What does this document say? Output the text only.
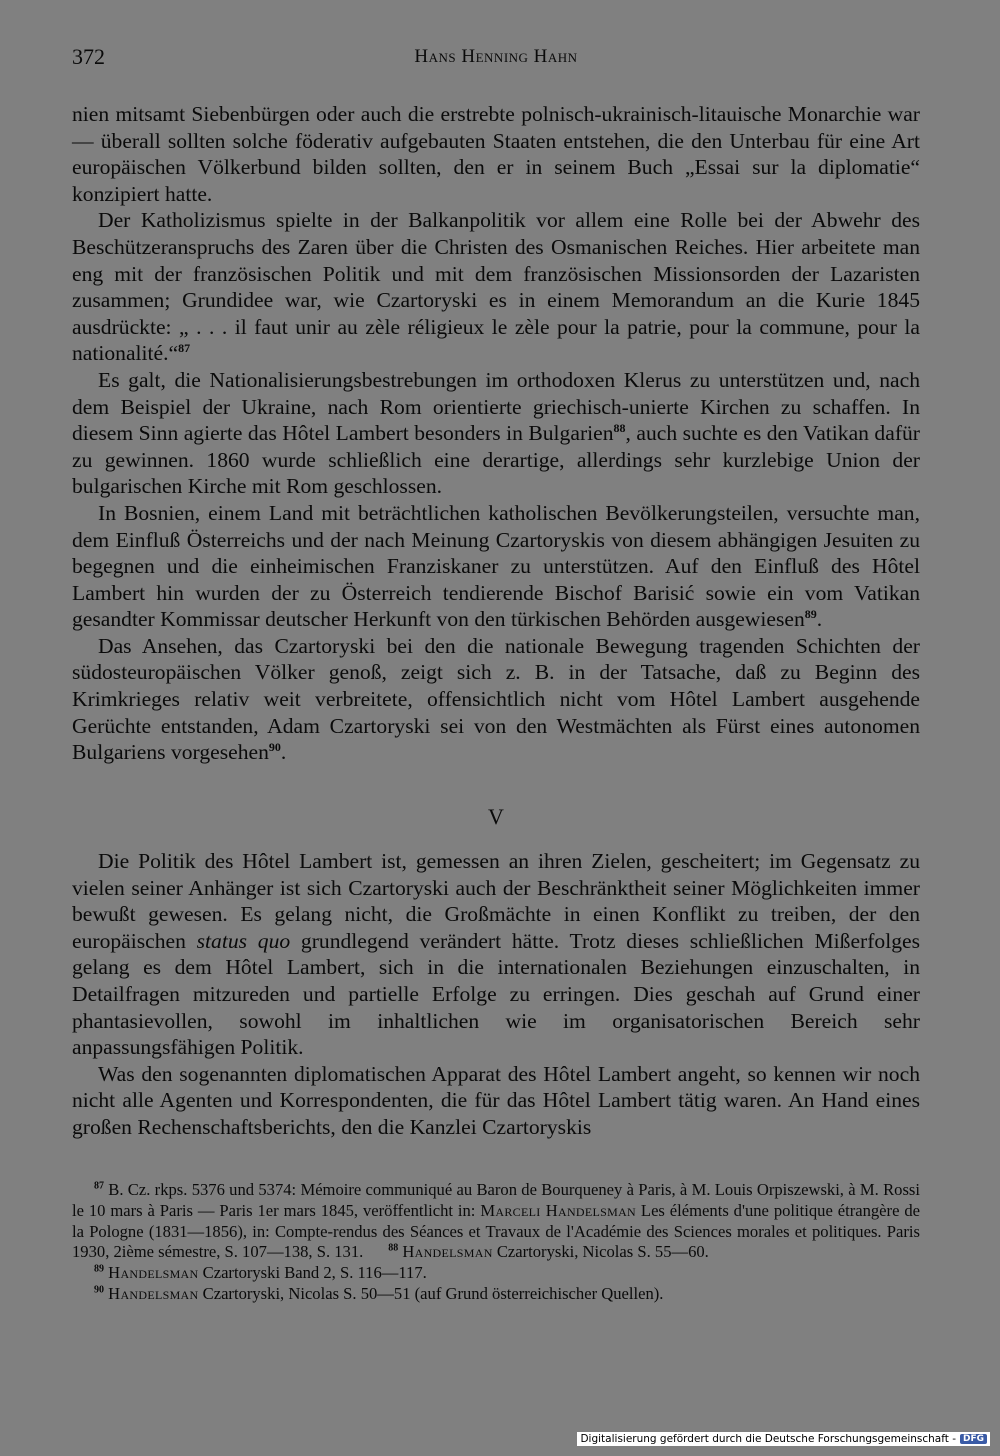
372	Hans Henning Hahn

nien mitsamt Siebenbürgen oder auch die erstrebte polnisch-ukrainisch-litauische Monarchie war — überall sollten solche föderativ aufgebauten Staaten entstehen, die den Unterbau für eine Art europäischen Völkerbund bilden sollten, den er in seinem Buch „Essai sur la diplomatie“ konzipiert hatte.

Der Katholizismus spielte in der Balkanpolitik vor allem eine Rolle bei der Abwehr des Beschützeranspruchs des Zaren über die Christen des Osmanischen Reiches. Hier arbeitete man eng mit der französischen Politik und mit dem französischen Missionsorden der Lazaristen zusammen; Grundidee war, wie Czartoryski es in einem Memorandum an die Kurie 1845 ausdrückte: „ . . . il faut unir au zèle réligieux le zèle pour la patrie, pour la commune, pour la nationalité.“$^{87}$

Es galt, die Nationalisierungsbestrebungen im orthodoxen Klerus zu unterstützen und, nach dem Beispiel der Ukraine, nach Rom orientierte griechisch-unierte Kirchen zu schaffen. In diesem Sinn agierte das Hôtel Lambert besonders in Bulgarien$^{88}$, auch suchte es den Vatikan dafür zu gewinnen. 1860 wurde schließlich eine derartige, allerdings sehr kurzlebige Union der bulgarischen Kirche mit Rom geschlossen.

In Bosnien, einem Land mit beträchtlichen katholischen Bevölkerungsteilen, versuchte man, dem Einfluß Österreichs und der nach Meinung Czartoryskis von diesem abhängigen Jesuiten zu begegnen und die einheimischen Franziskaner zu unterstützen. Auf den Einfluß des Hôtel Lambert hin wurden der zu Österreich tendierende Bischof Barisić sowie ein vom Vatikan gesandter Kommissar deutscher Herkunft von den türkischen Behörden ausgewiesen$^{89}$.

Das Ansehen, das Czartoryski bei den die nationale Bewegung tragenden Schichten der südosteuropäischen Völker genoß, zeigt sich z. B. in der Tatsache, daß zu Beginn des Krimkrieges relativ weit verbreitete, offensichtlich nicht vom Hôtel Lambert ausgehende Gerüchte entstanden, Adam Czartoryski sei von den Westmächten als Fürst eines autonomen Bulgariens vorgesehen$^{90}$.

V

Die Politik des Hôtel Lambert ist, gemessen an ihren Zielen, gescheitert; im Gegensatz zu vielen seiner Anhänger ist sich Czartoryski auch der Beschränktheit seiner Möglichkeiten immer bewußt gewesen. Es gelang nicht, die Großmächte in einen Konflikt zu treiben, der den europäischen status quo grundlegend verändert hätte. Trotz dieses schließlichen Mißerfolges gelang es dem Hôtel Lambert, sich in die internationalen Beziehungen einzuschalten, in Detailfragen mitzureden und partielle Erfolge zu erringen. Dies geschah auf Grund einer phantasievollen, sowohl im inhaltlichen wie im organisatorischen Bereich sehr anpassungsfähigen Politik.

Was den sogenannten diplomatischen Apparat des Hôtel Lambert angeht, so kennen wir noch nicht alle Agenten und Korrespondenten, die für das Hôtel Lambert tätig waren. An Hand eines großen Rechenschaftsberichts, den die Kanzlei Czartoryskis

$^{87}$ B. Cz. rkps. 5376 und 5374: Mémoire communiqué au Baron de Bourqueney à Paris, à M. Louis Orpiszewski, à M. Rossi le 10 mars à Paris — Paris 1er mars 1845, veröffentlicht in: Marceli Handelsman Les éléments d'une politique étrangère de la Pologne (1831—1856), in: Compte-rendus des Séances et Travaux de l'Académie des Sciences morales et politiques. Paris 1930, 2ième sémestre, S. 107—138, S. 131. $^{88}$ Handelsman Czartoryski, Nicolas S. 55—60.

$^{89}$ Handelsman Czartoryski Band 2, S. 116—117.

$^{90}$ Handelsman Czartoryski, Nicolas S. 50—51 (auf Grund österreichischer Quellen).

Digitalisierung gefördert durch die Deutsche Forschungsgemeinschaft - DFG
